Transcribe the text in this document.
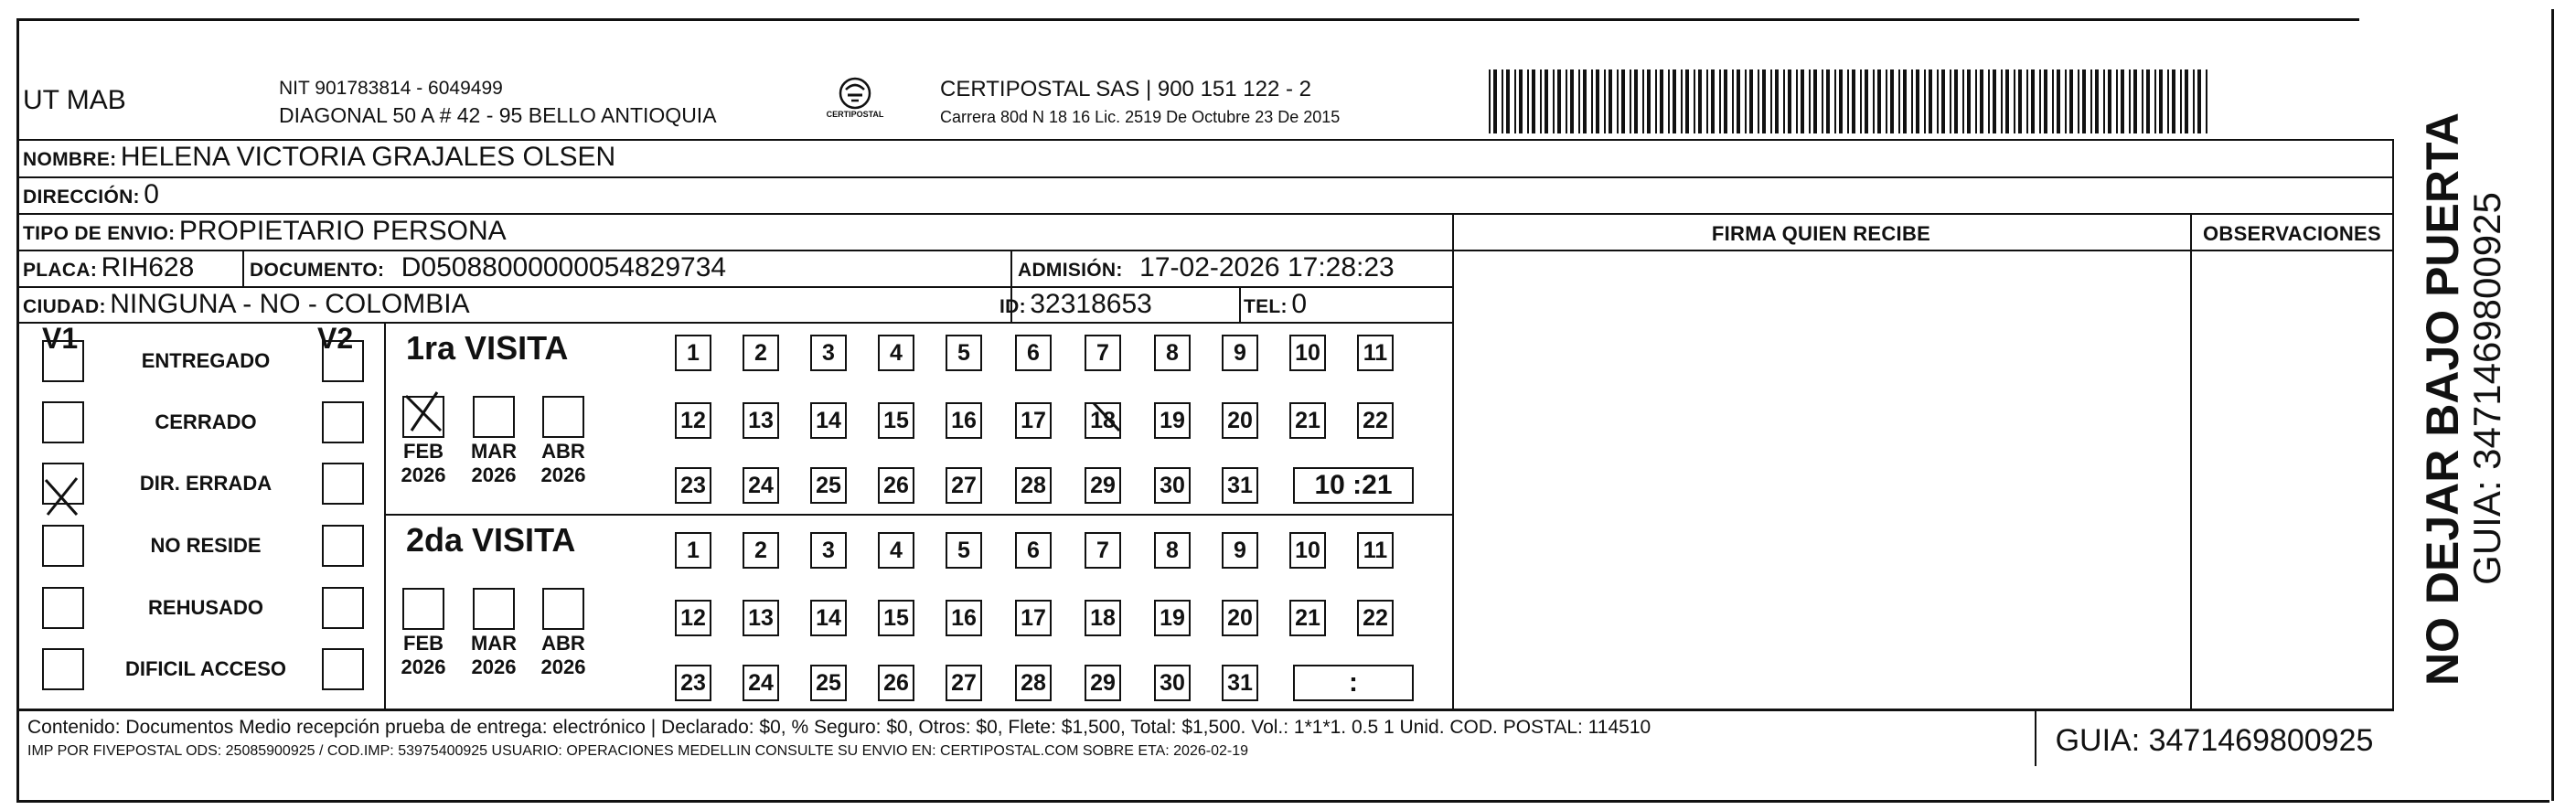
UT MAB	NIT 901783814 - 6049499
DIAGONAL 50 A # 42 - 95 BELLO ANTIOQUIA	CERTIPOSTAL
CERTIPOSTAL SAS | 900 151 122 - 2
Carrera 80d N 18 16 Lic. 2519 De Octubre 23 De 2015
NOMBRE: HELENA VICTORIA GRAJALES OLSEN
DIRECCIÓN: 0
TIPO DE ENVIO: PROPIETARIO PERSONA
PLACA: RIH628	DOCUMENTO: D05088000000054829734	ADMISIÓN: 17-02-2026 17:28:23
CIUDAD: NINGUNA - NO - COLOMBIA	ID: 32318653	TEL: 0
FIRMA QUIEN RECIBE	OBSERVACIONES
V1	V2
ENTREGADO
CERRADO
DIR. ERRADA
NO RESIDE
REHUSADO
DIFICIL ACCESO
1ra VISITA
2da VISITA
FEB
2026
MAR
2026
ABR
2026
FEB
2026
MAR
2026
ABR
2026
1	2	3	4	5	6	7	8	9	10 11
12 13 14 15 16 17 18 19 20 21 22
23 24 25 26 27 28 29 30 31	10 :21
1	2	3	4	5	6	7	8	9	10 11
12 13 14 15 16 17 18 19 20 21 22
23 24 25 26 27 28 29 30 31	:
Contenido: Documentos Medio recepción prueba de entrega: electrónico | Declarado: $0, % Seguro: $0, Otros: $0, Flete: $1,500, Total: $1,500. Vol.: 1*1*1. 0.5 1 Unid. COD. POSTAL: 114510
IMP POR FIVEPOSTAL ODS: 25085900925 / COD.IMP: 53975400925 USUARIO: OPERACIONES MEDELLIN CONSULTE SU ENVIO EN: CERTIPOSTAL.COM SOBRE ETA: 2026-02-19	GUIA: 3471469800925
NO DEJAR BAJO PUERTA
GUIA: 3471469800925
